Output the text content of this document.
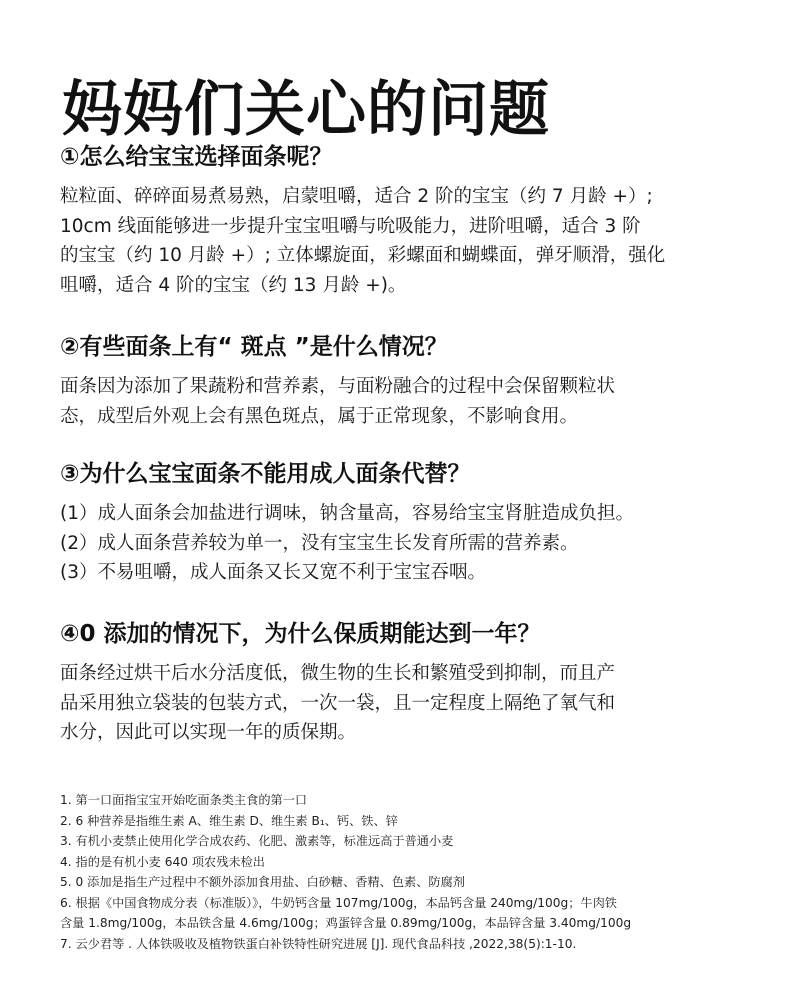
妈妈们关心的问题
①怎么给宝宝选择面条呢？

粒粒面、碎碎面易煮易熟，启蒙咀嚼，适合 2 阶的宝宝（约 7 月龄 +）;

10cm 线面能够进一步提升宝宝咀嚼与吮吸能力，进阶咀嚼，适合 3 阶

的宝宝（约 10 月龄 +）; 立体螺旋面，彩螺面和蝴蝶面，弹牙顺滑，强化

咀嚼，适合 4 阶的宝宝（约 13 月龄 +)。

②有些面条上有“ 斑点 ”是什么情况？

面条因为添加了果蔬粉和营养素，与面粉融合的过程中会保留颗粒状

态，成型后外观上会有黑色斑点，属于正常现象，不影响食用。

③为什么宝宝面条不能用成人面条代替？

(1）成人面条会加盐进行调味，钠含量高，容易给宝宝肾脏造成负担。

(2）成人面条营养较为单一，没有宝宝生长发育所需的营养素。

(3）不易咀嚼，成人面条又长又宽不利于宝宝吞咽。

④0 添加的情况下，为什么保质期能达到一年？

面条经过烘干后水分活度低，微生物的生长和繁殖受到抑制，而且产

品采用独立袋装的包装方式，一次一袋，且一定程度上隔绝了氧气和

水分，因此可以实现一年的质保期。

1. 第一口面指宝宝开始吃面条类主食的第一口

2. 6 种营养是指维生素 A、维生素 D、维生素 B₁、钙、铁、锌

3. 有机小麦禁止使用化学合成农药、化肥、激素等，标准远高于普通小麦

4. 指的是有机小麦 640 项农残未检出

5. 0 添加是指生产过程中不额外添加食用盐、白砂糖、香精、色素、防腐剂

6. 根据《中国食物成分表（标准版）》，牛奶钙含量 107mg/100g，本品钙含量 240mg/100g；牛肉铁

含量 1.8mg/100g，本品铁含量 4.6mg/100g；鸡蛋锌含量 0.89mg/100g，本品锌含量 3.40mg/100g

7. 云少君等 . 人体铁吸收及植物铁蛋白补铁特性研究进展 [J]. 现代食品科技 ,2022,38(5):1-10.
